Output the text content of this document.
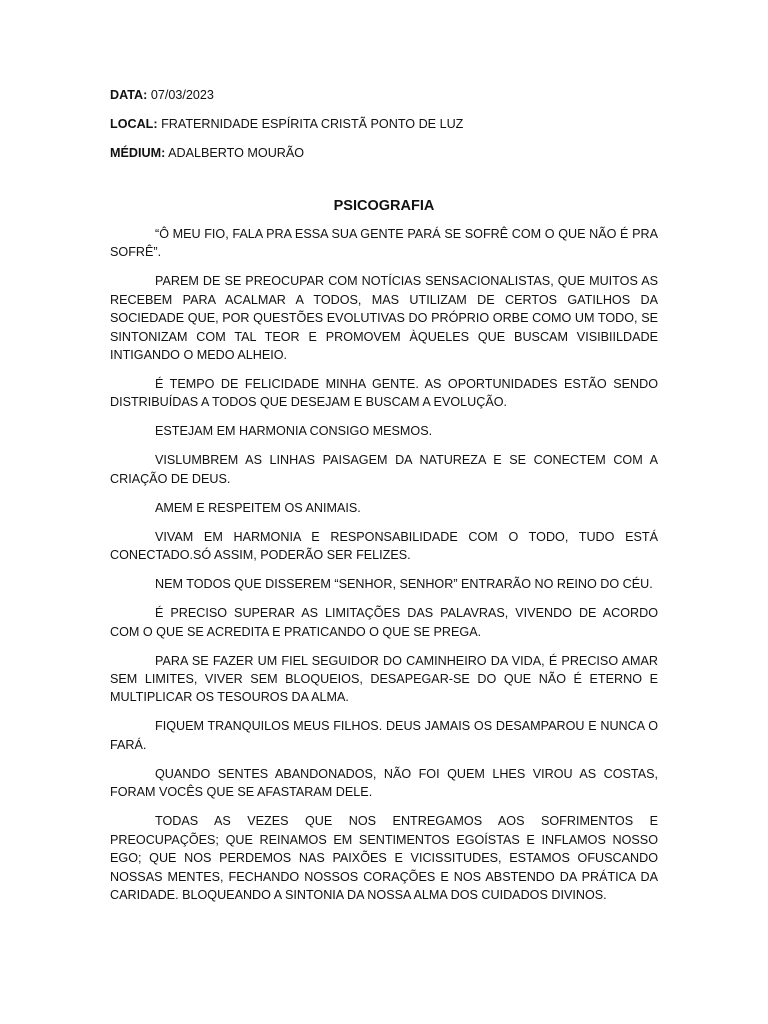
DATA: 07/03/2023
LOCAL: FRATERNIDADE ESPÍRITA CRISTÃ PONTO DE LUZ
MÉDIUM: ADALBERTO MOURÃO
PSICOGRAFIA

“Ô MEU FIO, FALA PRA ESSA SUA GENTE PARÁ SE SOFRÊ COM O QUE NÃO É PRA SOFRÊ”.

PAREM DE SE PREOCUPAR COM NOTÍCIAS SENSACIONALISTAS, QUE MUITOS AS RECEBEM PARA ACALMAR A TODOS, MAS UTILIZAM DE CERTOS GATILHOS DA SOCIEDADE QUE, POR QUESTÕES EVOLUTIVAS DO PRÓPRIO ORBE COMO UM TODO, SE SINTONIZAM COM TAL TEOR E PROMOVEM ÀQUELES QUE BUSCAM VISIBIILDADE INTIGANDO O MEDO ALHEIO.

É TEMPO DE FELICIDADE MINHA GENTE. AS OPORTUNIDADES ESTÃO SENDO DISTRIBUÍDAS A TODOS QUE DESEJAM E BUSCAM A EVOLUÇÃO.

ESTEJAM EM HARMONIA CONSIGO MESMOS.

VISLUMBREM AS LINHAS PAISAGEM DA NATUREZA E SE CONECTEM COM A CRIAÇÃO DE DEUS.

AMEM E RESPEITEM OS ANIMAIS.

VIVAM EM HARMONIA E RESPONSABILIDADE COM O TODO, TUDO ESTÁ CONECTADO.SÓ ASSIM, PODERÃO SER FELIZES.

NEM TODOS QUE DISSEREM “SENHOR, SENHOR” ENTRARÃO NO REINO DO CÉU.

É PRECISO SUPERAR AS LIMITAÇÕES DAS PALAVRAS, VIVENDO DE ACORDO COM O QUE SE ACREDITA E PRATICANDO O QUE SE PREGA.

PARA SE FAZER UM FIEL SEGUIDOR DO CAMINHEIRO DA VIDA, É PRECISO AMAR SEM LIMITES, VIVER SEM BLOQUEIOS, DESAPEGAR-SE DO QUE NÃO É ETERNO E MULTIPLICAR OS TESOUROS DA ALMA.

FIQUEM TRANQUILOS MEUS FILHOS. DEUS JAMAIS OS DESAMPAROU E NUNCA O FARÁ.

QUANDO SENTES ABANDONADOS, NÃO FOI QUEM LHES VIROU AS COSTAS, FORAM VOCÊS QUE SE AFASTARAM DELE.

TODAS AS VEZES QUE NOS ENTREGAMOS AOS SOFRIMENTOS E PREOCUPAÇÕES; QUE REINAMOS EM SENTIMENTOS EGOÍSTAS E INFLAMOS NOSSO EGO; QUE NOS PERDEMOS NAS PAIXÕES E VICISSITUDES, ESTAMOS OFUSCANDO NOSSAS MENTES, FECHANDO NOSSOS CORAÇÕES E NOS ABSTENDO DA PRÁTICA DA CARIDADE. BLOQUEANDO A SINTONIA DA NOSSA ALMA DOS CUIDADOS DIVINOS.
